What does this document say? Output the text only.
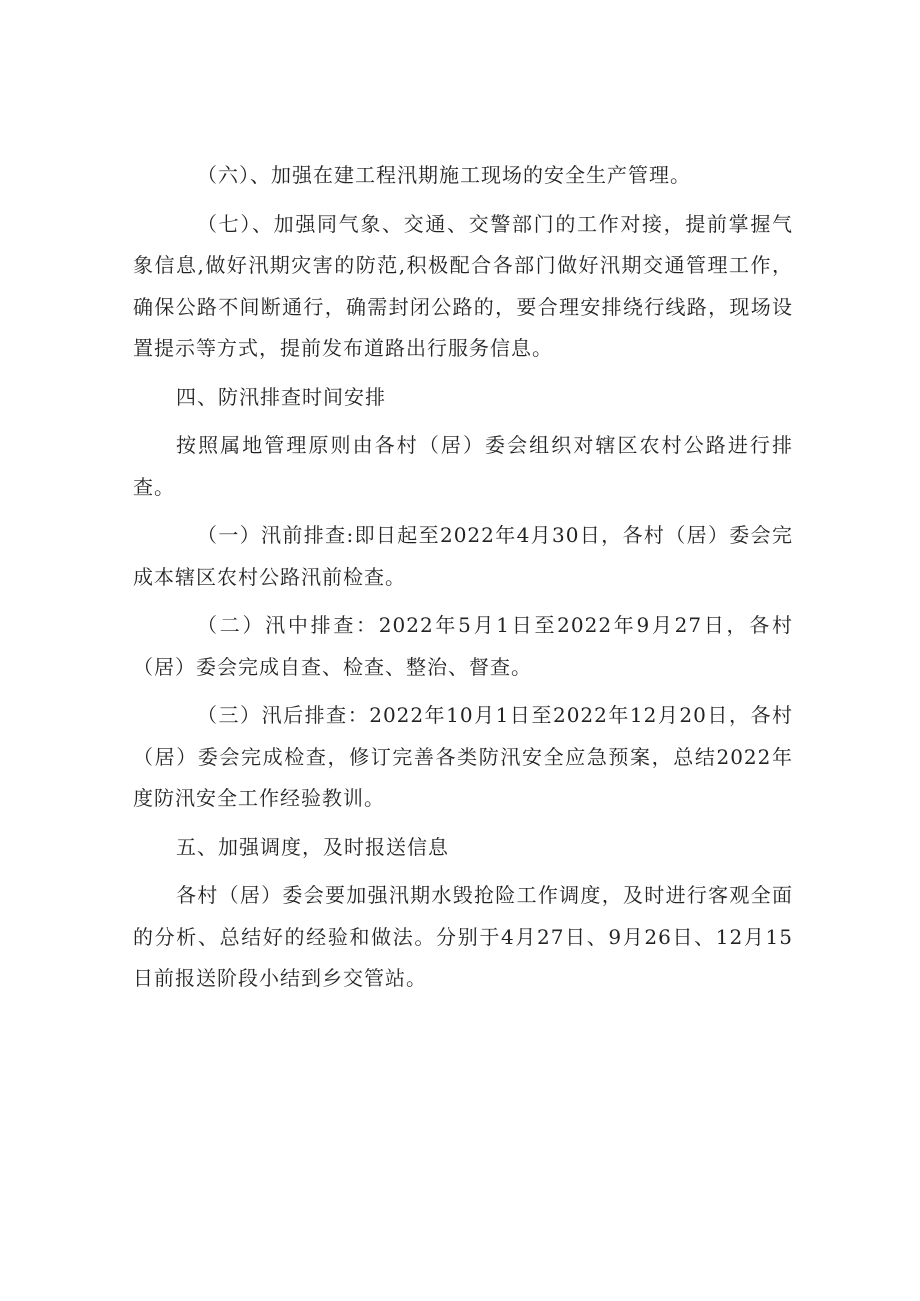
（六）、加强在建工程汛期施工现场的安全生产管理。

（七）、加强同气象、交通、交警部门的工作对接，提前掌握气象信息,做好汛期灾害的防范,积极配合各部门做好汛期交通管理工作，确保公路不间断通行，确需封闭公路的，要合理安排绕行线路，现场设置提示等方式，提前发布道路出行服务信息。

四、防汛排查时间安排

按照属地管理原则由各村（居）委会组织对辖区农村公路进行排查。

（一）汛前排查:即日起至2022年4月30日，各村（居）委会完成本辖区农村公路汛前检查。

（二）汛中排查：2022年5月1日至2022年9月27日，各村（居）委会完成自查、检查、整治、督查。

（三）汛后排查：2022年10月1日至2022年12月20日，各村（居）委会完成检查，修订完善各类防汛安全应急预案，总结2022年度防汛安全工作经验教训。

五、加强调度，及时报送信息

各村（居）委会要加强汛期水毁抢险工作调度，及时进行客观全面的分析、总结好的经验和做法。分别于4月27日、9月26日、12月15日前报送阶段小结到乡交管站。
